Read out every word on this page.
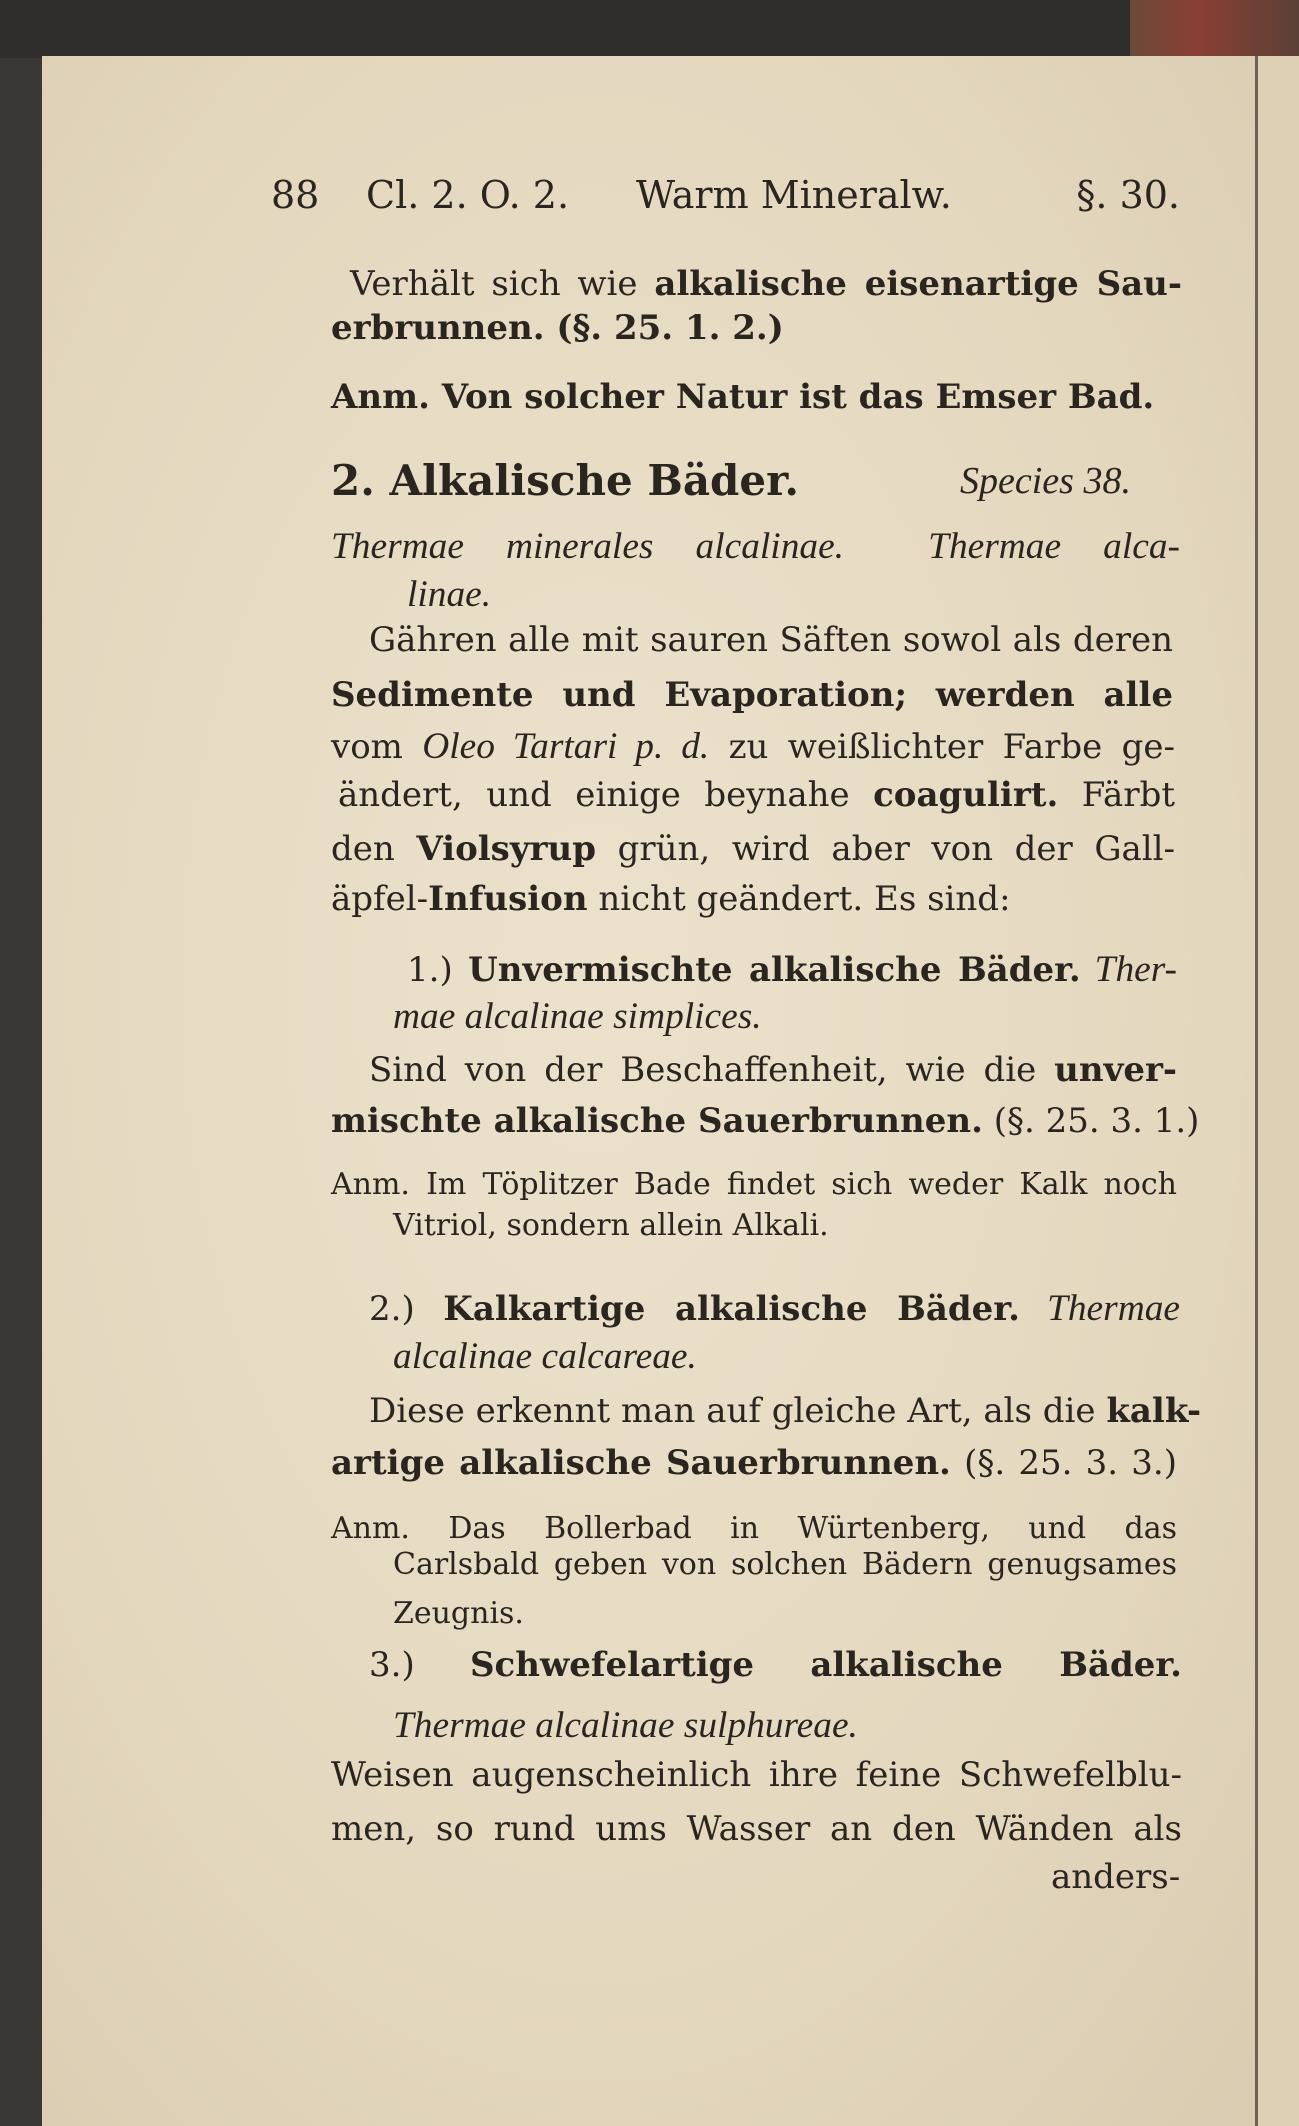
88 Cl. 2. O. 2. Warm Mineralw.	§. 30.
Species 38.
Verhält sich wie alkalische eisenartige Sau-
erbrunnen. (§. 25. 1. 2.)
Anm. Von solcher Natur ist das Emser Bad.
2. Alkalische Bäder.
Thermae minerales alcalinae.  Thermae alca-
linae.
Gähren alle mit sauren Säften sowol als deren
Sedimente und Evaporation; werden alle
vom Oleo Tartari p. d. zu weißlichter Farbe ge-
ändert, und einige beynahe coagulirt. Färbt
den Violsyrup grün, wird aber von der Gall-
äpfel-Infusion nicht geändert. Es sind:
1.) Unvermischte alkalische Bäder. Ther-
mae alcalinae simplices.
Sind von der Beschaffenheit, wie die unver-
mischte alkalische Sauerbrunnen. (§. 25. 3. 1.)
Anm. Im Töplitzer Bade findet sich weder Kalk noch
Vitriol, sondern allein Alkali.
2.) Kalkartige alkalische Bäder. Thermae
alcalinae calcareae.
Diese erkennt man auf gleiche Art, als die kalk-
artige alkalische Sauerbrunnen. (§. 25. 3. 3.)
Anm. Das Bollerbad in Würtenberg, und das
Carlsbald geben von solchen Bädern genugsames
Zeugnis.
3.) Schwefelartige alkalische Bäder.
Thermae alcalinae sulphureae.
Weisen augenscheinlich ihre feine Schwefelblu-
men, so rund ums Wasser an den Wänden als
anders-
